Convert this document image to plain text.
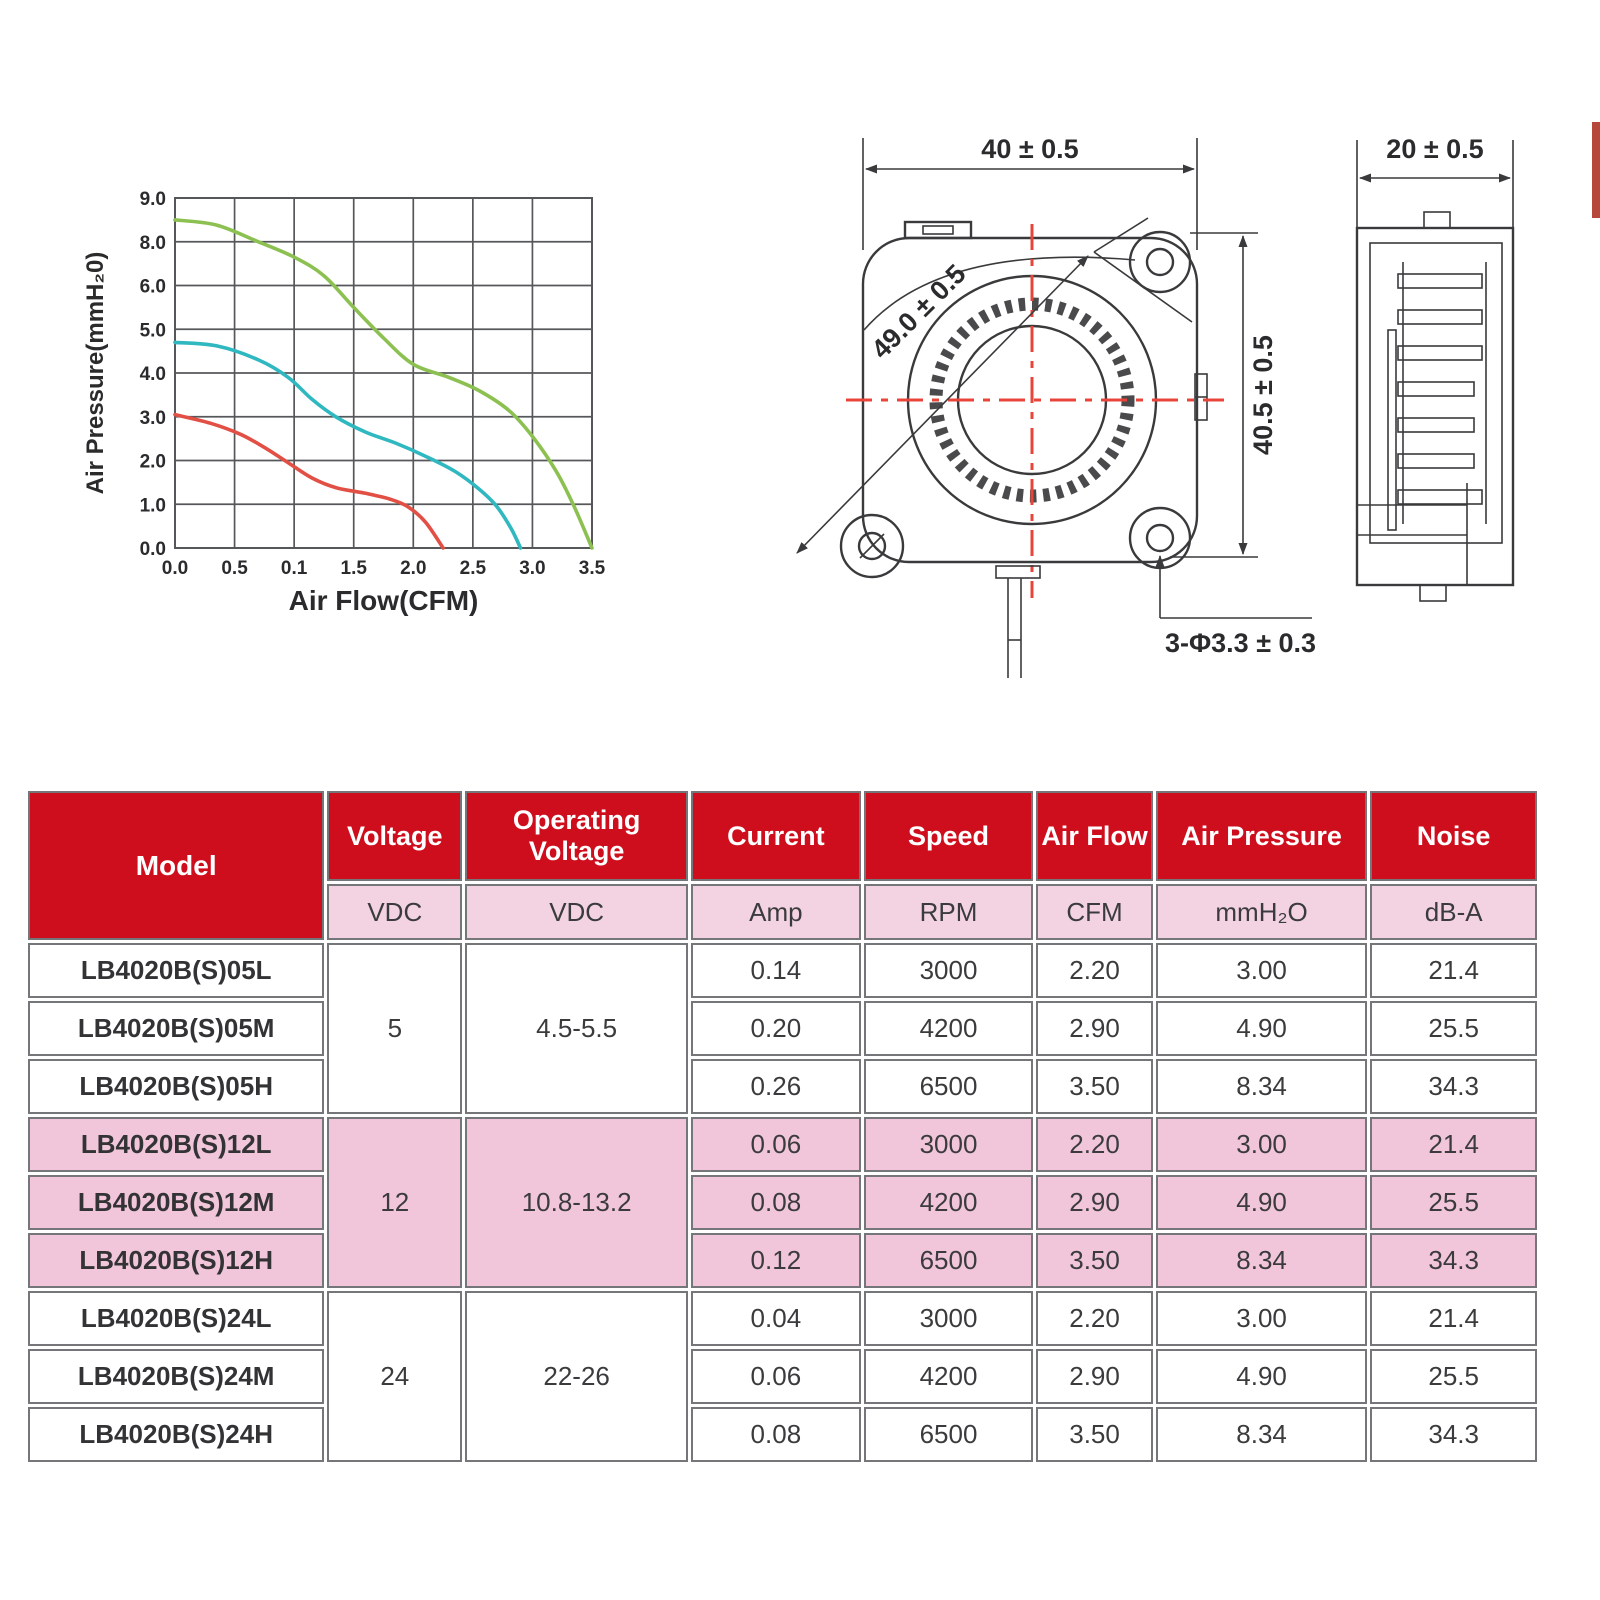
9.0
8.0
6.0
5.0
4.0
3.0
2.0
1.0
0.0
0.0 0.5 0.1 1.5 2.0 2.5 3.0 3.5
Air Flow(CFM)
Air Pressure(mmH₂0)
40 ± 0.5
49.0 ± 0.5
40.5 ± 0.5
3-Φ3.3 ± 0.3
20 ± 0.5
Model	Voltage	Operating Voltage	Current	Speed	Air Flow	Air Pressure	Noise
	VDC	VDC	Amp	RPM	CFM	mmH₂O	dB-A
LB4020B(S)05L	5	4.5-5.5	0.14	3000	2.20	3.00	21.4
LB4020B(S)05M			0.20	4200	2.90	4.90	25.5
LB4020B(S)05H			0.26	6500	3.50	8.34	34.3
LB4020B(S)12L	12	10.8-13.2	0.06	3000	2.20	3.00	21.4
LB4020B(S)12M			0.08	4200	2.90	4.90	25.5
LB4020B(S)12H			0.12	6500	3.50	8.34	34.3
LB4020B(S)24L	24	22-26	0.04	3000	2.20	3.00	21.4
LB4020B(S)24M			0.06	4200	2.90	4.90	25.5
LB4020B(S)24H			0.08	6500	3.50	8.34	34.3
